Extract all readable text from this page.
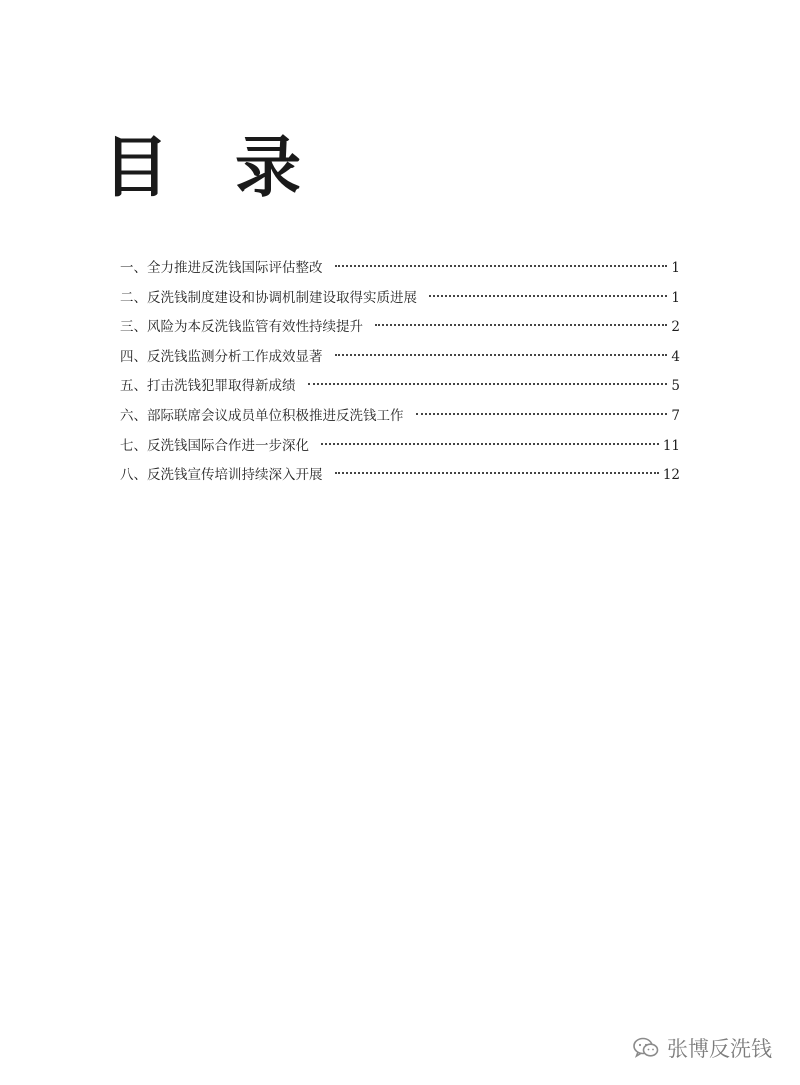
目录
一、全力推进反洗钱国际评估整改	1
二、反洗钱制度建设和协调机制建设取得实质进展	1
三、风险为本反洗钱监管有效性持续提升	2
四、反洗钱监测分析工作成效显著	4
五、打击洗钱犯罪取得新成绩	5
六、部际联席会议成员单位积极推进反洗钱工作	7
七、反洗钱国际合作进一步深化	11
八、反洗钱宣传培训持续深入开展	12
张博反洗钱
